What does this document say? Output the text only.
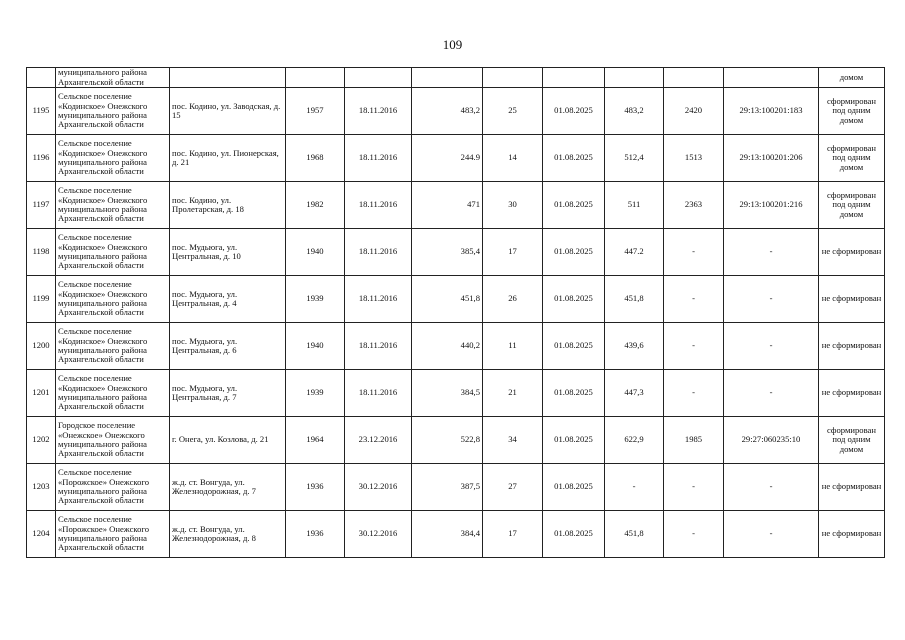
109
	муниципального района Архангельской области										домом
1195	Сельское поселение «Кодинское» Онежского муниципального района Архангельской области	пос. Кодино, ул. Заводская, д. 15	1957	18.11.2016	483,2	25	01.08.2025	483,2	2420	29:13:100201:183	сформирован под одним домом
1196	Сельское поселение «Кодинское» Онежского муниципального района Архангельской области	пос. Кодино, ул. Пионерская, д. 21	1968	18.11.2016	244.9	14	01.08.2025	512,4	1513	29:13:100201:206	сформирован под одним домом
1197	Сельское поселение «Кодинское» Онежского муниципального района Архангельской области	пос. Кодино, ул. Пролетарская, д. 18	1982	18.11.2016	471	30	01.08.2025	511	2363	29:13:100201:216	сформирован под одним домом
1198	Сельское поселение «Кодинское» Онежского муниципального района Архангельской области	пос. Мудьюга, ул. Центральная, д. 10	1940	18.11.2016	385,4	17	01.08.2025	447.2	-	-	не сформирован
1199	Сельское поселение «Кодинское» Онежского муниципального района Архангельской области	пос. Мудьюга, ул. Центральная, д. 4	1939	18.11.2016	451,8	26	01.08.2025	451,8	-	-	не сформирован
1200	Сельское поселение «Кодинское» Онежского муниципального района Архангельской области	пос. Мудьюга, ул. Центральная, д. 6	1940	18.11.2016	440,2	11	01.08.2025	439,6	-	-	не сформирован
1201	Сельское поселение «Кодинское» Онежского муниципального района Архангельской области	пос. Мудьюга, ул. Центральная, д. 7	1939	18.11.2016	384,5	21	01.08.2025	447,3	-	-	не сформирован
1202	Городское поселение «Онежское» Онежского муниципального района Архангельской области	г. Онега, ул. Козлова, д. 21	1964	23.12.2016	522,8	34	01.08.2025	622,9	1985	29:27:060235:10	сформирован под одним домом
1203	Сельское поселение «Порожское» Онежского муниципального района Архангельской области	ж.д. ст. Вонгуда, ул. Железнодорожная, д. 7	1936	30.12.2016	387,5	27	01.08.2025	-	-	-	не сформирован
1204	Сельское поселение «Порожское» Онежского муниципального района Архангельской области	ж.д. ст. Вонгуда, ул. Железнодорожная, д. 8	1936	30.12.2016	384,4	17	01.08.2025	451,8	-	-	не сформирован
